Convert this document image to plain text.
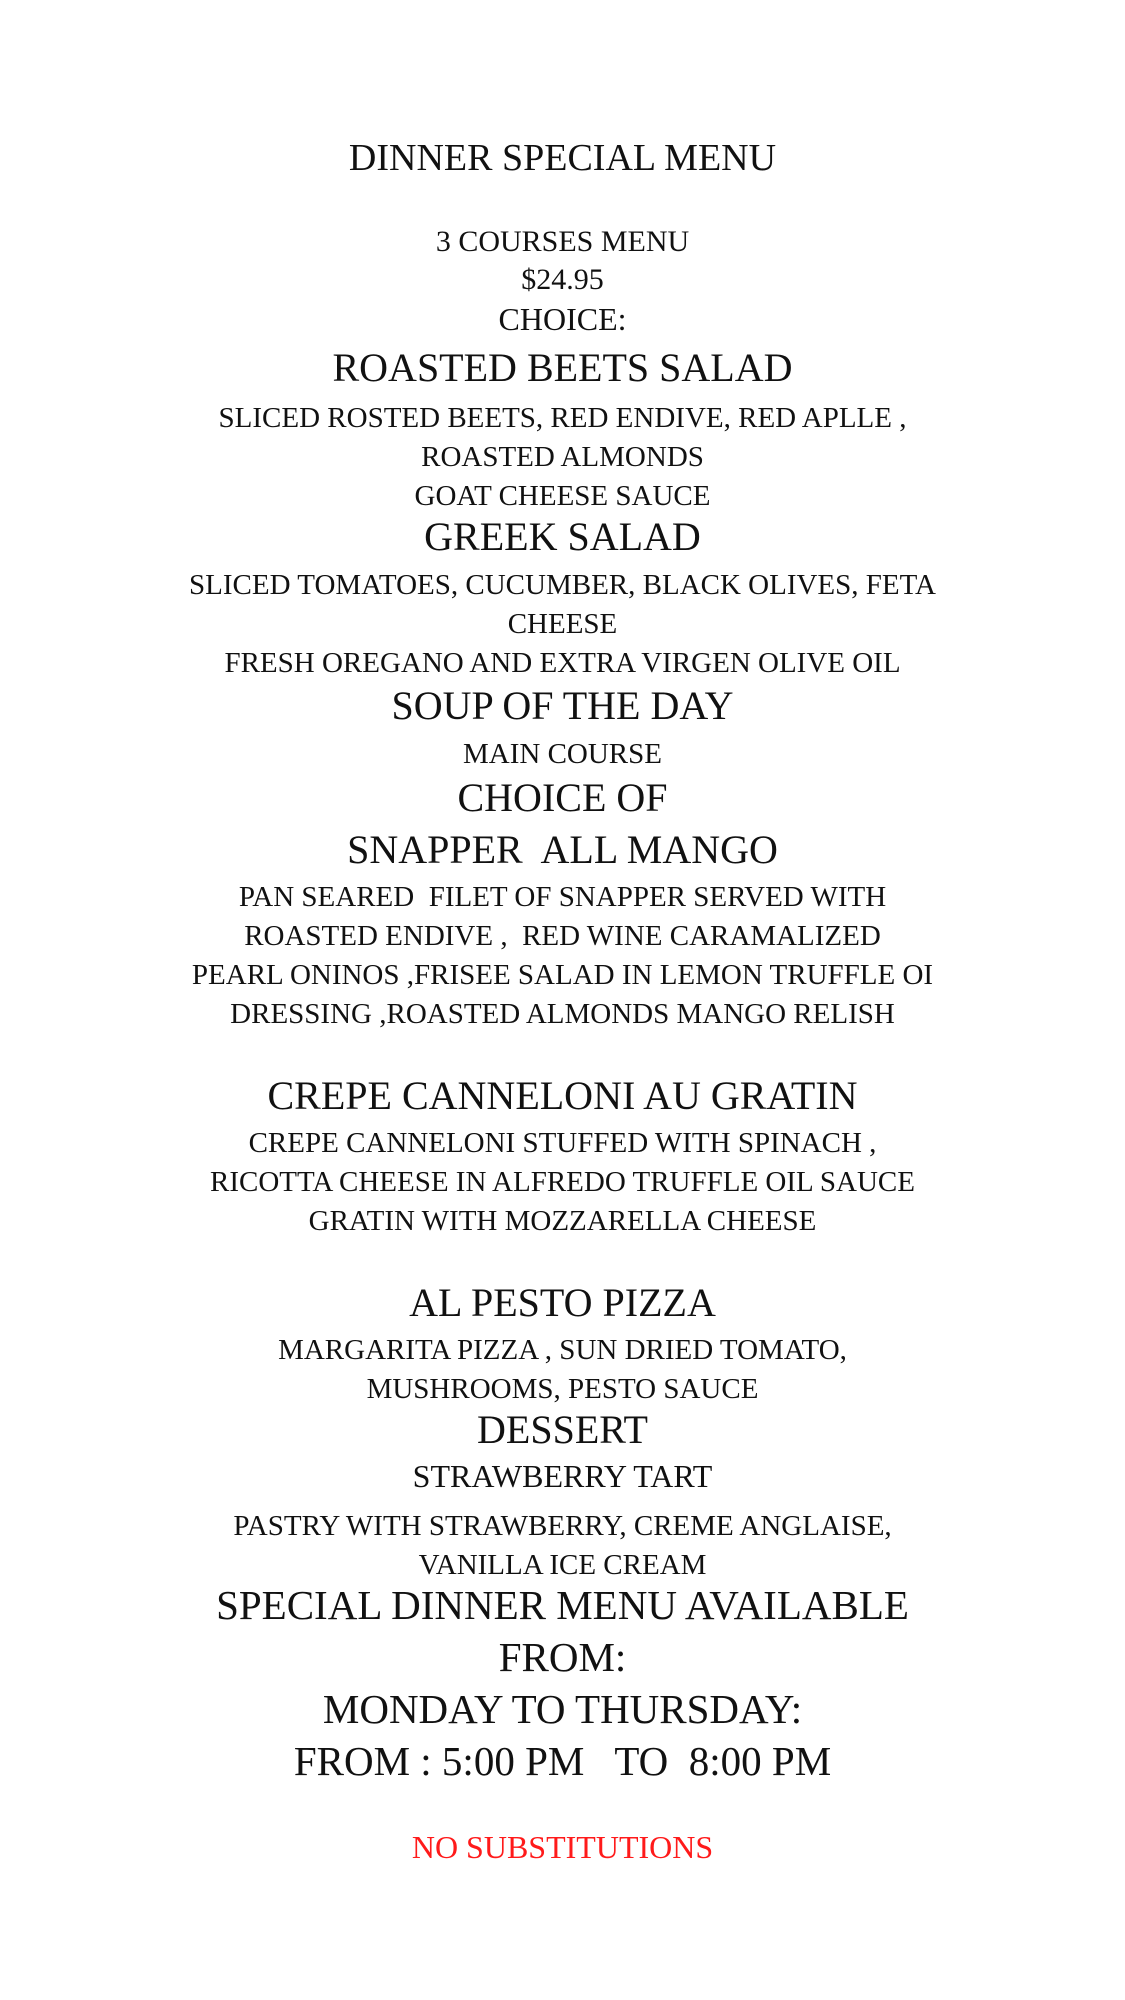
DINNER SPECIAL MENU
3 COURSES MENU
$24.95
CHOICE:
ROASTED BEETS SALAD
SLICED ROSTED BEETS, RED ENDIVE, RED APLLE ,
ROASTED ALMONDS
GOAT CHEESE SAUCE
GREEK SALAD
SLICED TOMATOES, CUCUMBER, BLACK OLIVES, FETA
CHEESE
FRESH OREGANO AND EXTRA VIRGEN OLIVE OIL
SOUP OF THE DAY
MAIN COURSE
CHOICE OF
SNAPPER  ALL MANGO
PAN SEARED  FILET OF SNAPPER SERVED WITH
ROASTED ENDIVE ,  RED WINE CARAMALIZED
PEARL ONINOS ,FRISEE SALAD IN LEMON TRUFFLE OI
DRESSING ,ROASTED ALMONDS MANGO RELISH
CREPE CANNELONI AU GRATIN
CREPE CANNELONI STUFFED WITH SPINACH ,
RICOTTA CHEESE IN ALFREDO TRUFFLE OIL SAUCE
GRATIN WITH MOZZARELLA CHEESE
AL PESTO PIZZA
MARGARITA PIZZA , SUN DRIED TOMATO,
MUSHROOMS, PESTO SAUCE
DESSERT
STRAWBERRY TART
PASTRY WITH STRAWBERRY, CREME ANGLAISE,
VANILLA ICE CREAM
SPECIAL DINNER MENU AVAILABLE
FROM:
MONDAY TO THURSDAY:
FROM : 5:00 PM   TO  8:00 PM
NO SUBSTITUTIONS
